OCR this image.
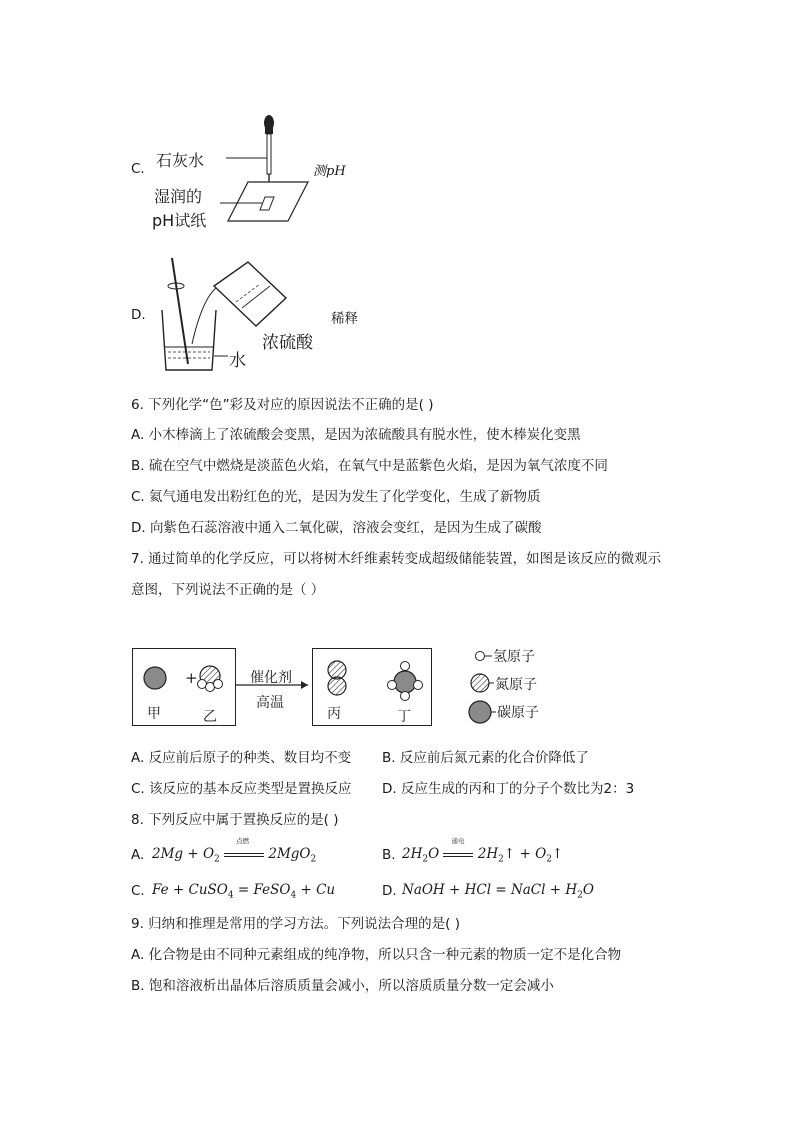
C. 石灰水
湿润的
pH试纸
测pH
D.
水
浓硫酸
稀释
6. 下列化学“色”彩及对应的原因说法不正确的是( )
A. 小木棒滴上了浓硫酸会变黑，是因为浓硫酸具有脱水性，使木棒炭化变黑
B. 硫在空气中燃烧是淡蓝色火焰，在氧气中是蓝紫色火焰，是因为氧气浓度不同
C. 氦气通电发出粉红色的光，是因为发生了化学变化，生成了新物质
D. 向紫色石蕊溶液中通入二氧化碳，溶液会变红，是因为生成了碳酸
7. 通过简单的化学反应，可以将树木纤维素转变成超级储能装置，如图是该反应的微观示
意图，下列说法不正确的是（ ）
+
甲	乙
催化剂
高温
丙	丁
氢原子
氮原子
碳原子
A. 反应前后原子的种类、数目均不变 B. 反应前后氮元素的化合价降低了
C. 该反应的基本反应类型是置换反应 D. 反应生成的丙和丁的分子个数比为2：3
8. 下列反应中属于置换反应的是( )
A. $2Mg + O_2$
点燃
2MgO$_2$	B. $2H_2O$
通电
$2H_2↑$ + $O_2↑$
C. Fe + CuSO$_4$ = FeSO$_4$ + Cu	D. NaOH + HCl = NaCl + $H_2O$
9. 归纳和推理是常用的学习方法。下列说法合理的是( )
A. 化合物是由不同种元素组成的纯净物，所以只含一种元素的物质一定不是化合物
B. 饱和溶液析出晶体后溶质质量会减小，所以溶质质量分数一定会减小
